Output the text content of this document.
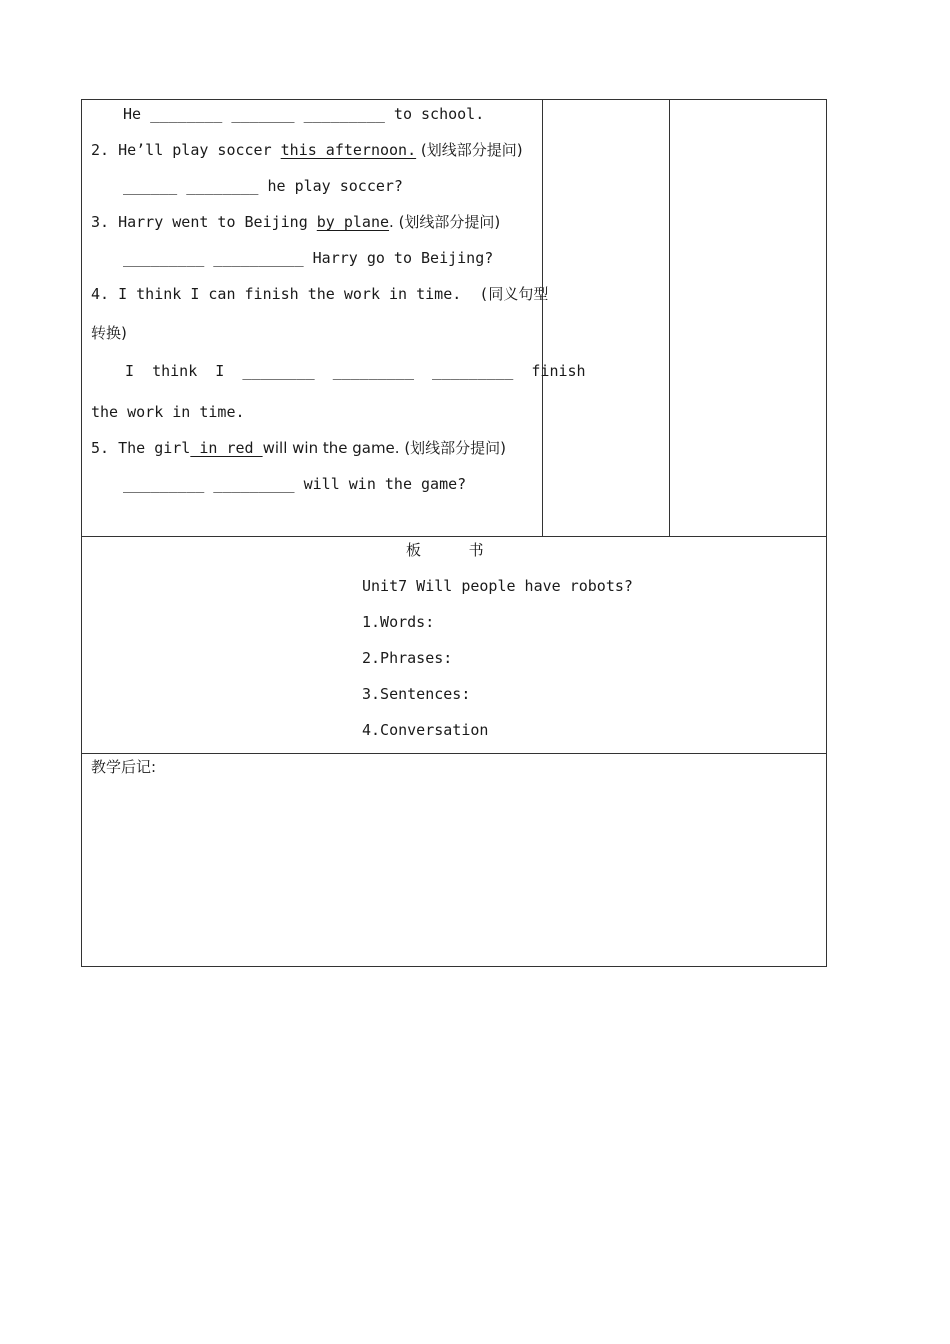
He ________ _______ _________ to school.
2. He’ll play soccer this afternoon. (划线部分提问)
______ ________ he play soccer?
3. Harry went to Beijing by plane. (划线部分提问)
_________ __________ Harry go to Beijing?
4. I think I can finish the work in time.  (同义句型
转换)
I  think  I  ________  _________  _________  finish
the work in time.
5. The girl in red will win the game. (划线部分提问)
_________ _________ will win the game?
板          书
Unit7 Will people have robots?
1.Words:
2.Phrases:
3.Sentences:
4.Conversation
教学后记:
